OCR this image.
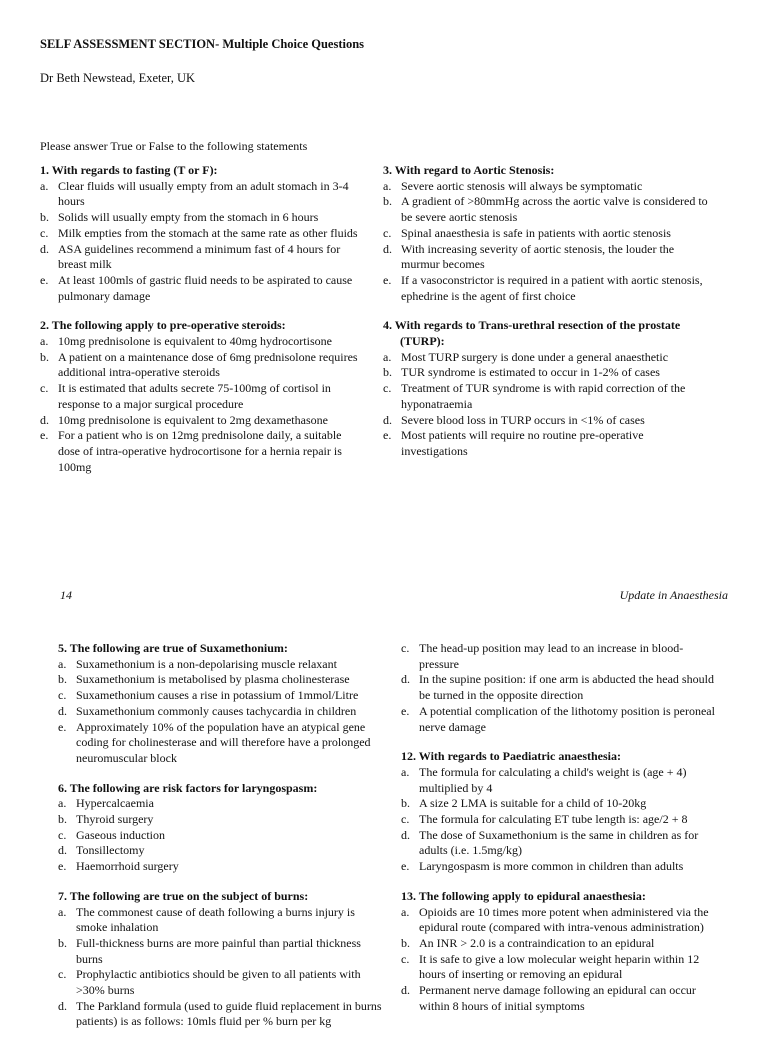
SELF ASSESSMENT SECTION- Multiple Choice Questions
Dr Beth Newstead, Exeter, UK
Please answer True or False to the following statements
1. With regards to fasting (T or F):
a. Clear fluids will usually empty from an adult stomach in 3-4 hours
b. Solids will usually empty from the stomach in 6 hours
c. Milk empties from the stomach at the same rate as other fluids
d. ASA guidelines recommend a minimum fast of 4 hours for breast milk
e. At least 100mls of gastric fluid needs to be aspirated to cause pulmonary damage
2. The following apply to pre-operative steroids:
a. 10mg prednisolone is equivalent to 40mg hydrocortisone
b. A patient on a maintenance dose of 6mg prednisolone requires additional intra-operative steroids
c. It is estimated that adults secrete 75-100mg of cortisol in response to a major surgical procedure
d. 10mg prednisolone is equivalent to 2mg dexamethasone
e. For a patient who is on 12mg prednisolone daily, a suitable dose of intra-operative hydrocortisone for a hernia repair is 100mg
3. With regard to Aortic Stenosis:
a. Severe aortic stenosis will always be symptomatic
b. A gradient of >80mmHg across the aortic valve is considered to be severe aortic stenosis
c. Spinal anaesthesia is safe in patients with aortic stenosis
d. With increasing severity of aortic stenosis, the louder the murmur becomes
e. If a vasoconstrictor is required in a patient with aortic stenosis, ephedrine is the agent of first choice
4. With regards to Trans-urethral resection of the prostate (TURP):
a. Most TURP surgery is done under a general anaesthetic
b. TUR syndrome is estimated to occur in 1-2% of cases
c. Treatment of TUR syndrome is with rapid correction of the hyponatraemia
d. Severe blood loss in TURP occurs in <1% of cases
e. Most patients will require no routine pre-operative investigations
14	Update in Anaesthesia
5. The following are true of Suxamethonium:
a. Suxamethonium is a non-depolarising muscle relaxant
b. Suxamethonium is metabolised by plasma cholinesterase
c. Suxamethonium causes a rise in potassium of 1mmol/Litre
d. Suxamethonium commonly causes tachycardia in children
e. Approximately 10% of the population have an atypical gene coding for cholinesterase and will therefore have a prolonged neuromuscular block
6. The following are risk factors for laryngospasm:
a. Hypercalcaemia
b. Thyroid surgery
c. Gaseous induction
d. Tonsillectomy
e. Haemorrhoid surgery
7. The following are true on the subject of burns:
a. The commonest cause of death following a burns injury is smoke inhalation
b. Full-thickness burns are more painful than partial thickness burns
c. Prophylactic antibiotics should be given to all patients with >30% burns
d. The Parkland formula (used to guide fluid replacement in burns patients) is as follows: 10mls fluid per % burn per kg
c. The head-up position may lead to an increase in blood-pressure
d. In the supine position: if one arm is abducted the head should be turned in the opposite direction
e. A potential complication of the lithotomy position is peroneal nerve damage
12. With regards to Paediatric anaesthesia:
a. The formula for calculating a child's weight is (age + 4) multiplied by 4
b. A size 2 LMA is suitable for a child of 10-20kg
c. The formula for calculating ET tube length is: age/2 + 8
d. The dose of Suxamethonium is the same in children as for adults (i.e. 1.5mg/kg)
e. Laryngospasm is more common in children than adults
13. The following apply to epidural anaesthesia:
a. Opioids are 10 times more potent when administered via the epidural route (compared with intra-venous administration)
b. An INR > 2.0 is a contraindication to an epidural
c. It is safe to give a low molecular weight heparin within 12 hours of inserting or removing an epidural
d. Permanent nerve damage following an epidural can occur within 8 hours of initial symptoms
